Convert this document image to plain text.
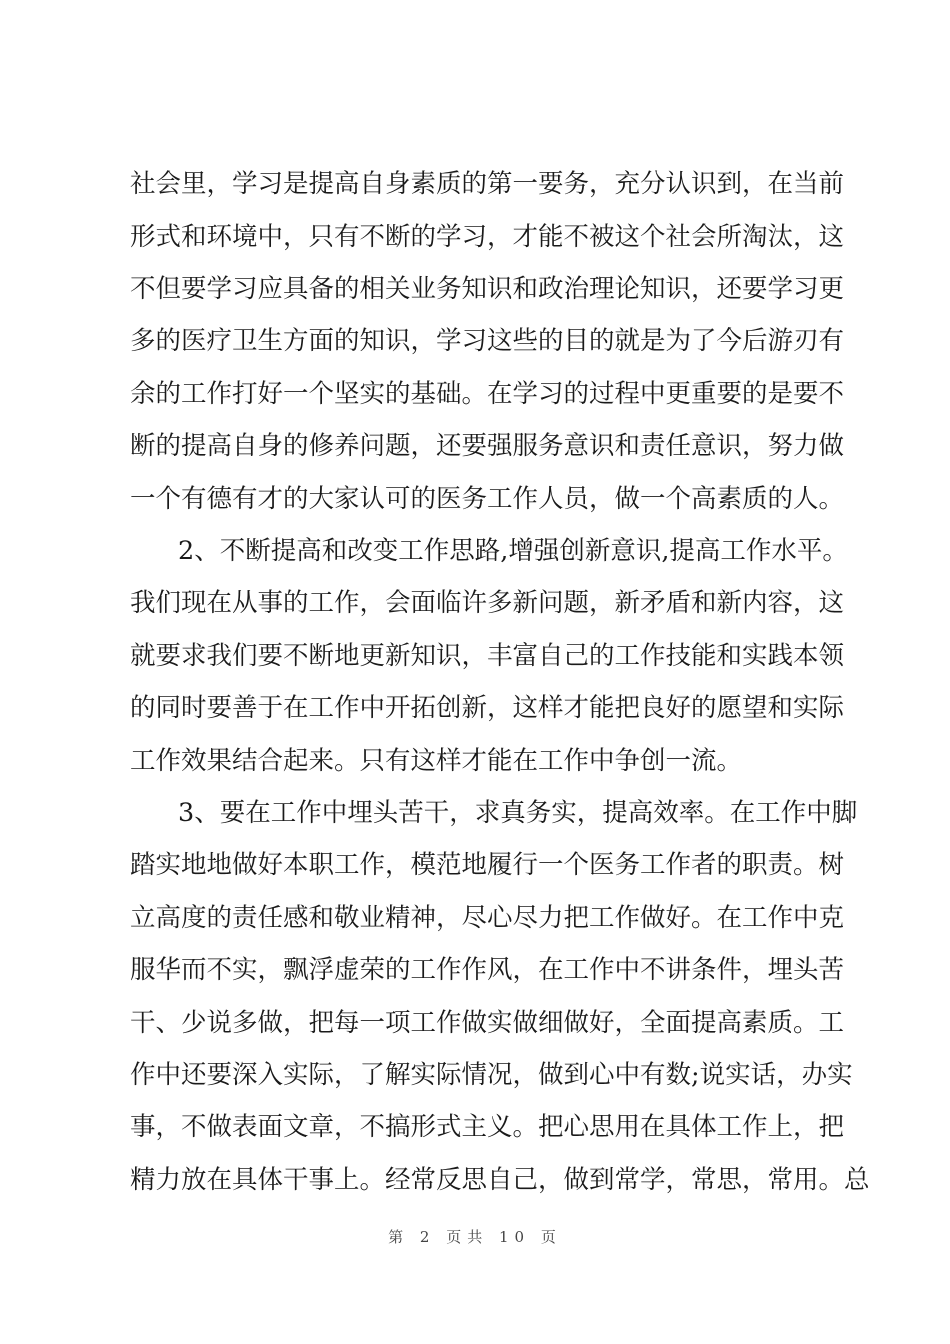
社会里，学习是提高自身素质的第一要务，充分认识到，在当前
形式和环境中，只有不断的学习，才能不被这个社会所淘汰，这
不但要学习应具备的相关业务知识和政治理论知识，还要学习更
多的医疗卫生方面的知识，学习这些的目的就是为了今后游刃有
余的工作打好一个坚实的基础。在学习的过程中更重要的是要不
断的提高自身的修养问题，还要强服务意识和责任意识，努力做
一个有德有才的大家认可的医务工作人员，做一个高素质的人。
2、不断提高和改变工作思路,增强创新意识,提高工作水平。
我们现在从事的工作，会面临许多新问题，新矛盾和新内容，这
就要求我们要不断地更新知识，丰富自己的工作技能和实践本领
的同时要善于在工作中开拓创新，这样才能把良好的愿望和实际
工作效果结合起来。只有这样才能在工作中争创一流。
3、要在工作中埋头苦干，求真务实，提高效率。在工作中脚
踏实地地做好本职工作，模范地履行一个医务工作者的职责。树
立高度的责任感和敬业精神，尽心尽力把工作做好。在工作中克
服华而不实，飘浮虚荣的工作作风，在工作中不讲条件，埋头苦
干、少说多做，把每一项工作做实做细做好，全面提高素质。工
作中还要深入实际，了解实际情况，做到心中有数;说实话，办实
事，不做表面文章，不搞形式主义。把心思用在具体工作上，把
精力放在具体干事上。经常反思自己，做到常学，常思，常用。总
第 2 页共 10 页
